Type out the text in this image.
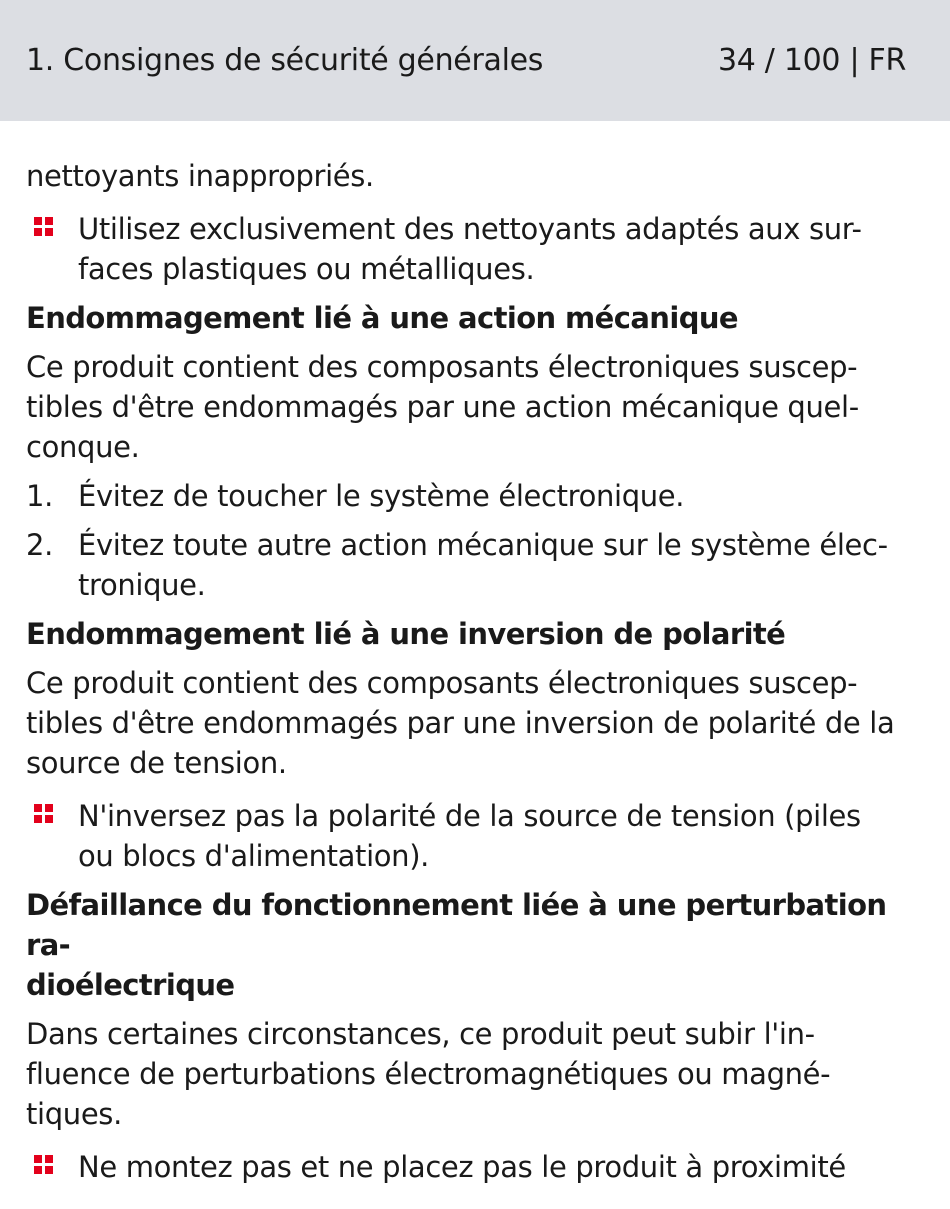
1. Consignes de sécurité générales	34 / 100 | FR

nettoyants inappropriés.

Utilisez exclusivement des nettoyants adaptés aux sur-
faces plastiques ou métalliques.
Endommagement lié à une action mécanique

Ce produit contient des composants électroniques suscep-
tibles d'être endommagés par une action mécanique quel-
conque.

1. Évitez de toucher le système électronique.
2. Évitez toute autre action mécanique sur le système élec-
tronique.
Endommagement lié à une inversion de polarité

Ce produit contient des composants électroniques suscep-
tibles d'être endommagés par une inversion de polarité de la
source de tension.

N'inversez pas la polarité de la source de tension (piles
ou blocs d'alimentation).
Défaillance du fonctionnement liée à une perturbation ra-
dioélectrique

Dans certaines circonstances, ce produit peut subir l'in-
fluence de perturbations électromagnétiques ou magné-
tiques.

Ne montez pas et ne placez pas le produit à proximité
